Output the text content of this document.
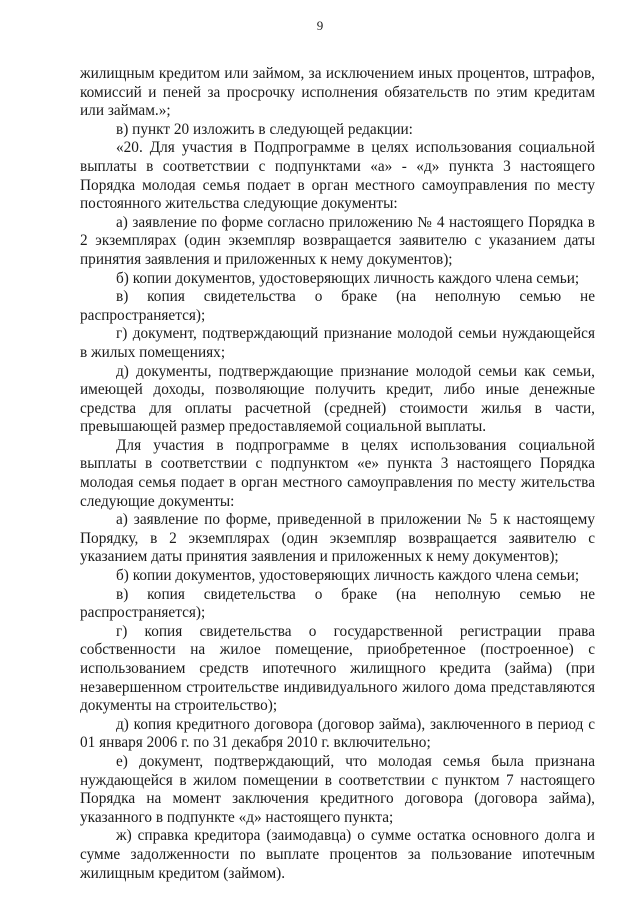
9

жилищным кредитом или займом, за исключением иных процентов, штрафов, комиссий и пеней за просрочку исполнения обязательств по этим кредитам или займам.»;

в) пункт 20 изложить в следующей редакции:

«20. Для участия в Подпрограмме в целях использования социальной выплаты в соответствии с подпунктами «а» - «д» пункта 3 настоящего Порядка молодая семья подает в орган местного самоуправления по месту постоянного жительства следующие документы:

а) заявление по форме согласно приложению № 4 настоящего Порядка в 2 экземплярах (один экземпляр возвращается заявителю с указанием даты принятия заявления и приложенных к нему документов);

б) копии документов, удостоверяющих личность каждого члена семьи;

в) копия свидетельства о браке (на неполную семью не распространяется);

г) документ, подтверждающий признание молодой семьи нуждающейся в жилых помещениях;

д) документы, подтверждающие признание молодой семьи как семьи, имеющей доходы, позволяющие получить кредит, либо иные денежные средства для оплаты расчетной (средней) стоимости жилья в части, превышающей размер предоставляемой социальной выплаты.

Для участия в подпрограмме в целях использования социальной выплаты в соответствии с подпунктом «е» пункта 3 настоящего Порядка молодая семья подает в орган местного самоуправления по месту жительства следующие документы:

а) заявление по форме, приведенной в приложении № 5 к настоящему Порядку, в 2 экземплярах (один экземпляр возвращается заявителю с указанием даты принятия заявления и приложенных к нему документов);

б) копии документов, удостоверяющих личность каждого члена семьи;

в) копия свидетельства о браке (на неполную семью не распространяется);

г) копия свидетельства о государственной регистрации права собственности на жилое помещение, приобретенное (построенное) с использованием средств ипотечного жилищного кредита (займа) (при незавершенном строительстве индивидуального жилого дома представляются документы на строительство);

д) копия кредитного договора (договор займа), заключенного в период с 01 января 2006 г. по 31 декабря 2010 г. включительно;

е) документ, подтверждающий, что молодая семья была признана нуждающейся в жилом помещении в соответствии с пунктом 7 настоящего Порядка на момент заключения кредитного договора (договора займа), указанного в подпункте «д» настоящего пункта;

ж) справка кредитора (заимодавца) о сумме остатка основного долга и сумме задолженности по выплате процентов за пользование ипотечным жилищным кредитом (займом).
